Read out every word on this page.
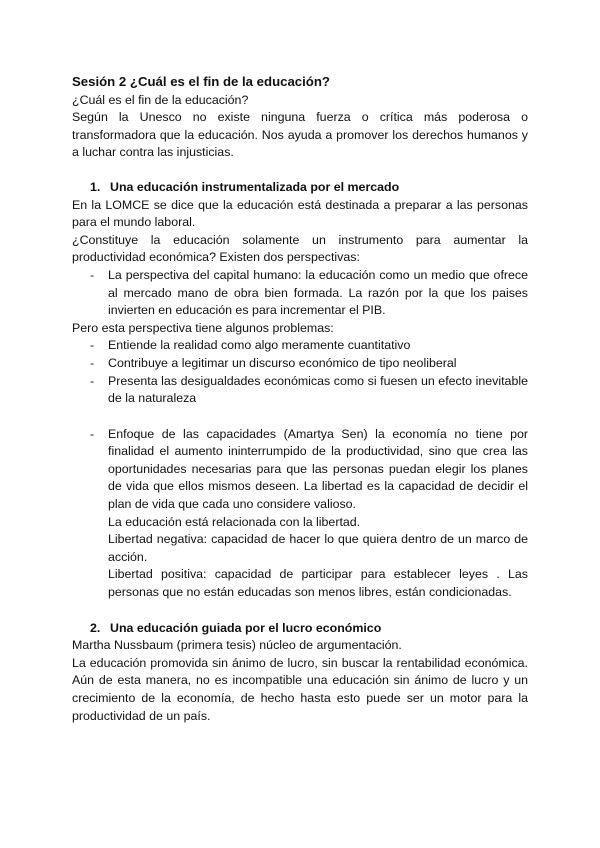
Sesión 2 ¿Cuál es el fin de la educación?

¿Cuál es el fin de la educación?

Según la Unesco no existe ninguna fuerza o crítica más poderosa o transformadora que la educación. Nos ayuda a promover los derechos humanos y a luchar contra las injusticias.

1. Una educación instrumentalizada por el mercado

En la LOMCE se dice que la educación está destinada a preparar a las personas para el mundo laboral.

¿Constituye la educación solamente un instrumento para aumentar la productividad económica? Existen dos perspectivas:

- La perspectiva del capital humano: la educación como un medio que ofrece al mercado mano de obra bien formada. La razón por la que los paises invierten en educación es para incrementar el PIB.

Pero esta perspectiva tiene algunos problemas:

- Entiende la realidad como algo meramente cuantitativo
- Contribuye a legitimar un discurso económico de tipo neoliberal
- Presenta las desigualdades económicas como si fuesen un efecto inevitable de la naturaleza
- Enfoque de las capacidades (Amartya Sen) la economía no tiene por finalidad el aumento ininterrumpido de la productividad, sino que crea las oportunidades necesarias para que las personas puedan elegir los planes de vida que ellos mismos deseen. La libertad es la capacidad de decidir el plan de vida que cada uno considere valioso.

La educación está relacionada con la libertad.

Libertad negativa: capacidad de hacer lo que quiera dentro de un marco de acción.

Libertad positiva: capacidad de participar para establecer leyes . Las personas que no están educadas son menos libres, están condicionadas.

2. Una educación guiada por el lucro económico

Martha Nussbaum (primera tesis) núcleo de argumentación.

La educación promovida sin ánimo de lucro, sin buscar la rentabilidad económica. Aún de esta manera, no es incompatible una educación sin ánimo de lucro y un crecimiento de la economía, de hecho hasta esto puede ser un motor para la productividad de un país.
